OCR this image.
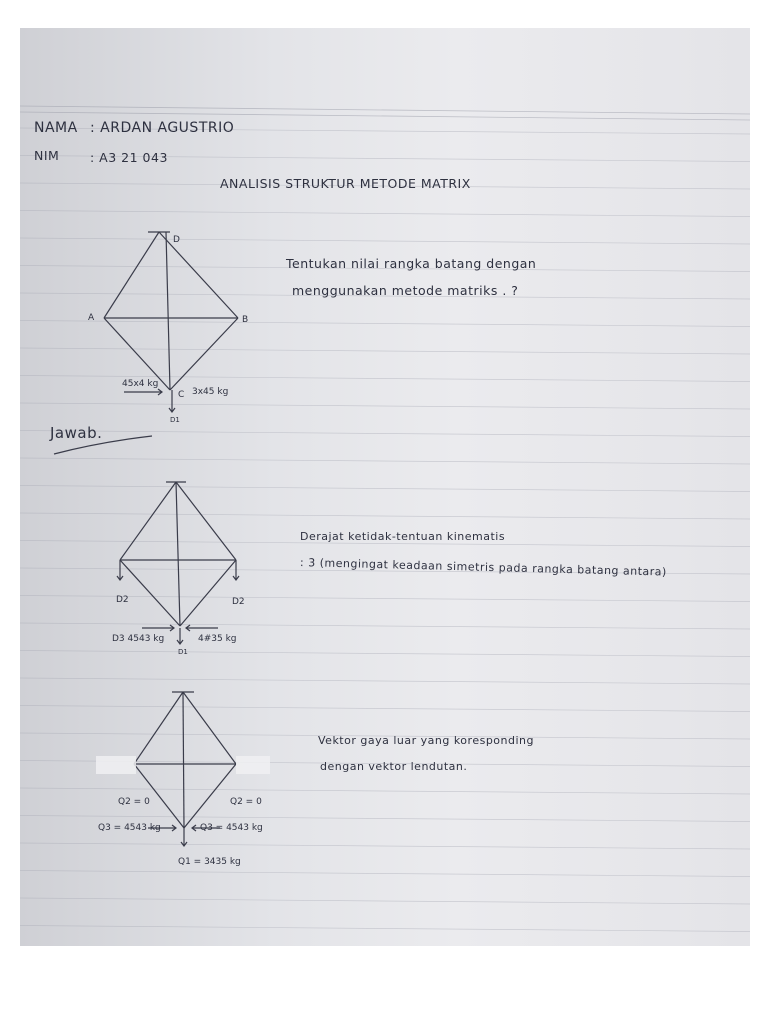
NAMA : ARDAN AGUSTRIO
NIM : A3 21 043
ANALISIS STRUKTUR METODE MATRIX
Tentukan nilai rangka batang dengan
menggunakan metode matriks . ?
Jawab.
Derajat ketidak-tentuan kinematis
: 3 (mengingat keadaan simetris pada rangka batang antara)
Vektor gaya luar yang koresponding
dengan vektor lendutan.
D
A	B
C
45x4 kg
3x45 kg
D1
D2	D2
D3 4543 kg	4#35 kg
D1
Q2 = 0	Q2 = 0
Q3 = 4543 kg	Q3 = 4543 kg
Q1 = 3435 kg
